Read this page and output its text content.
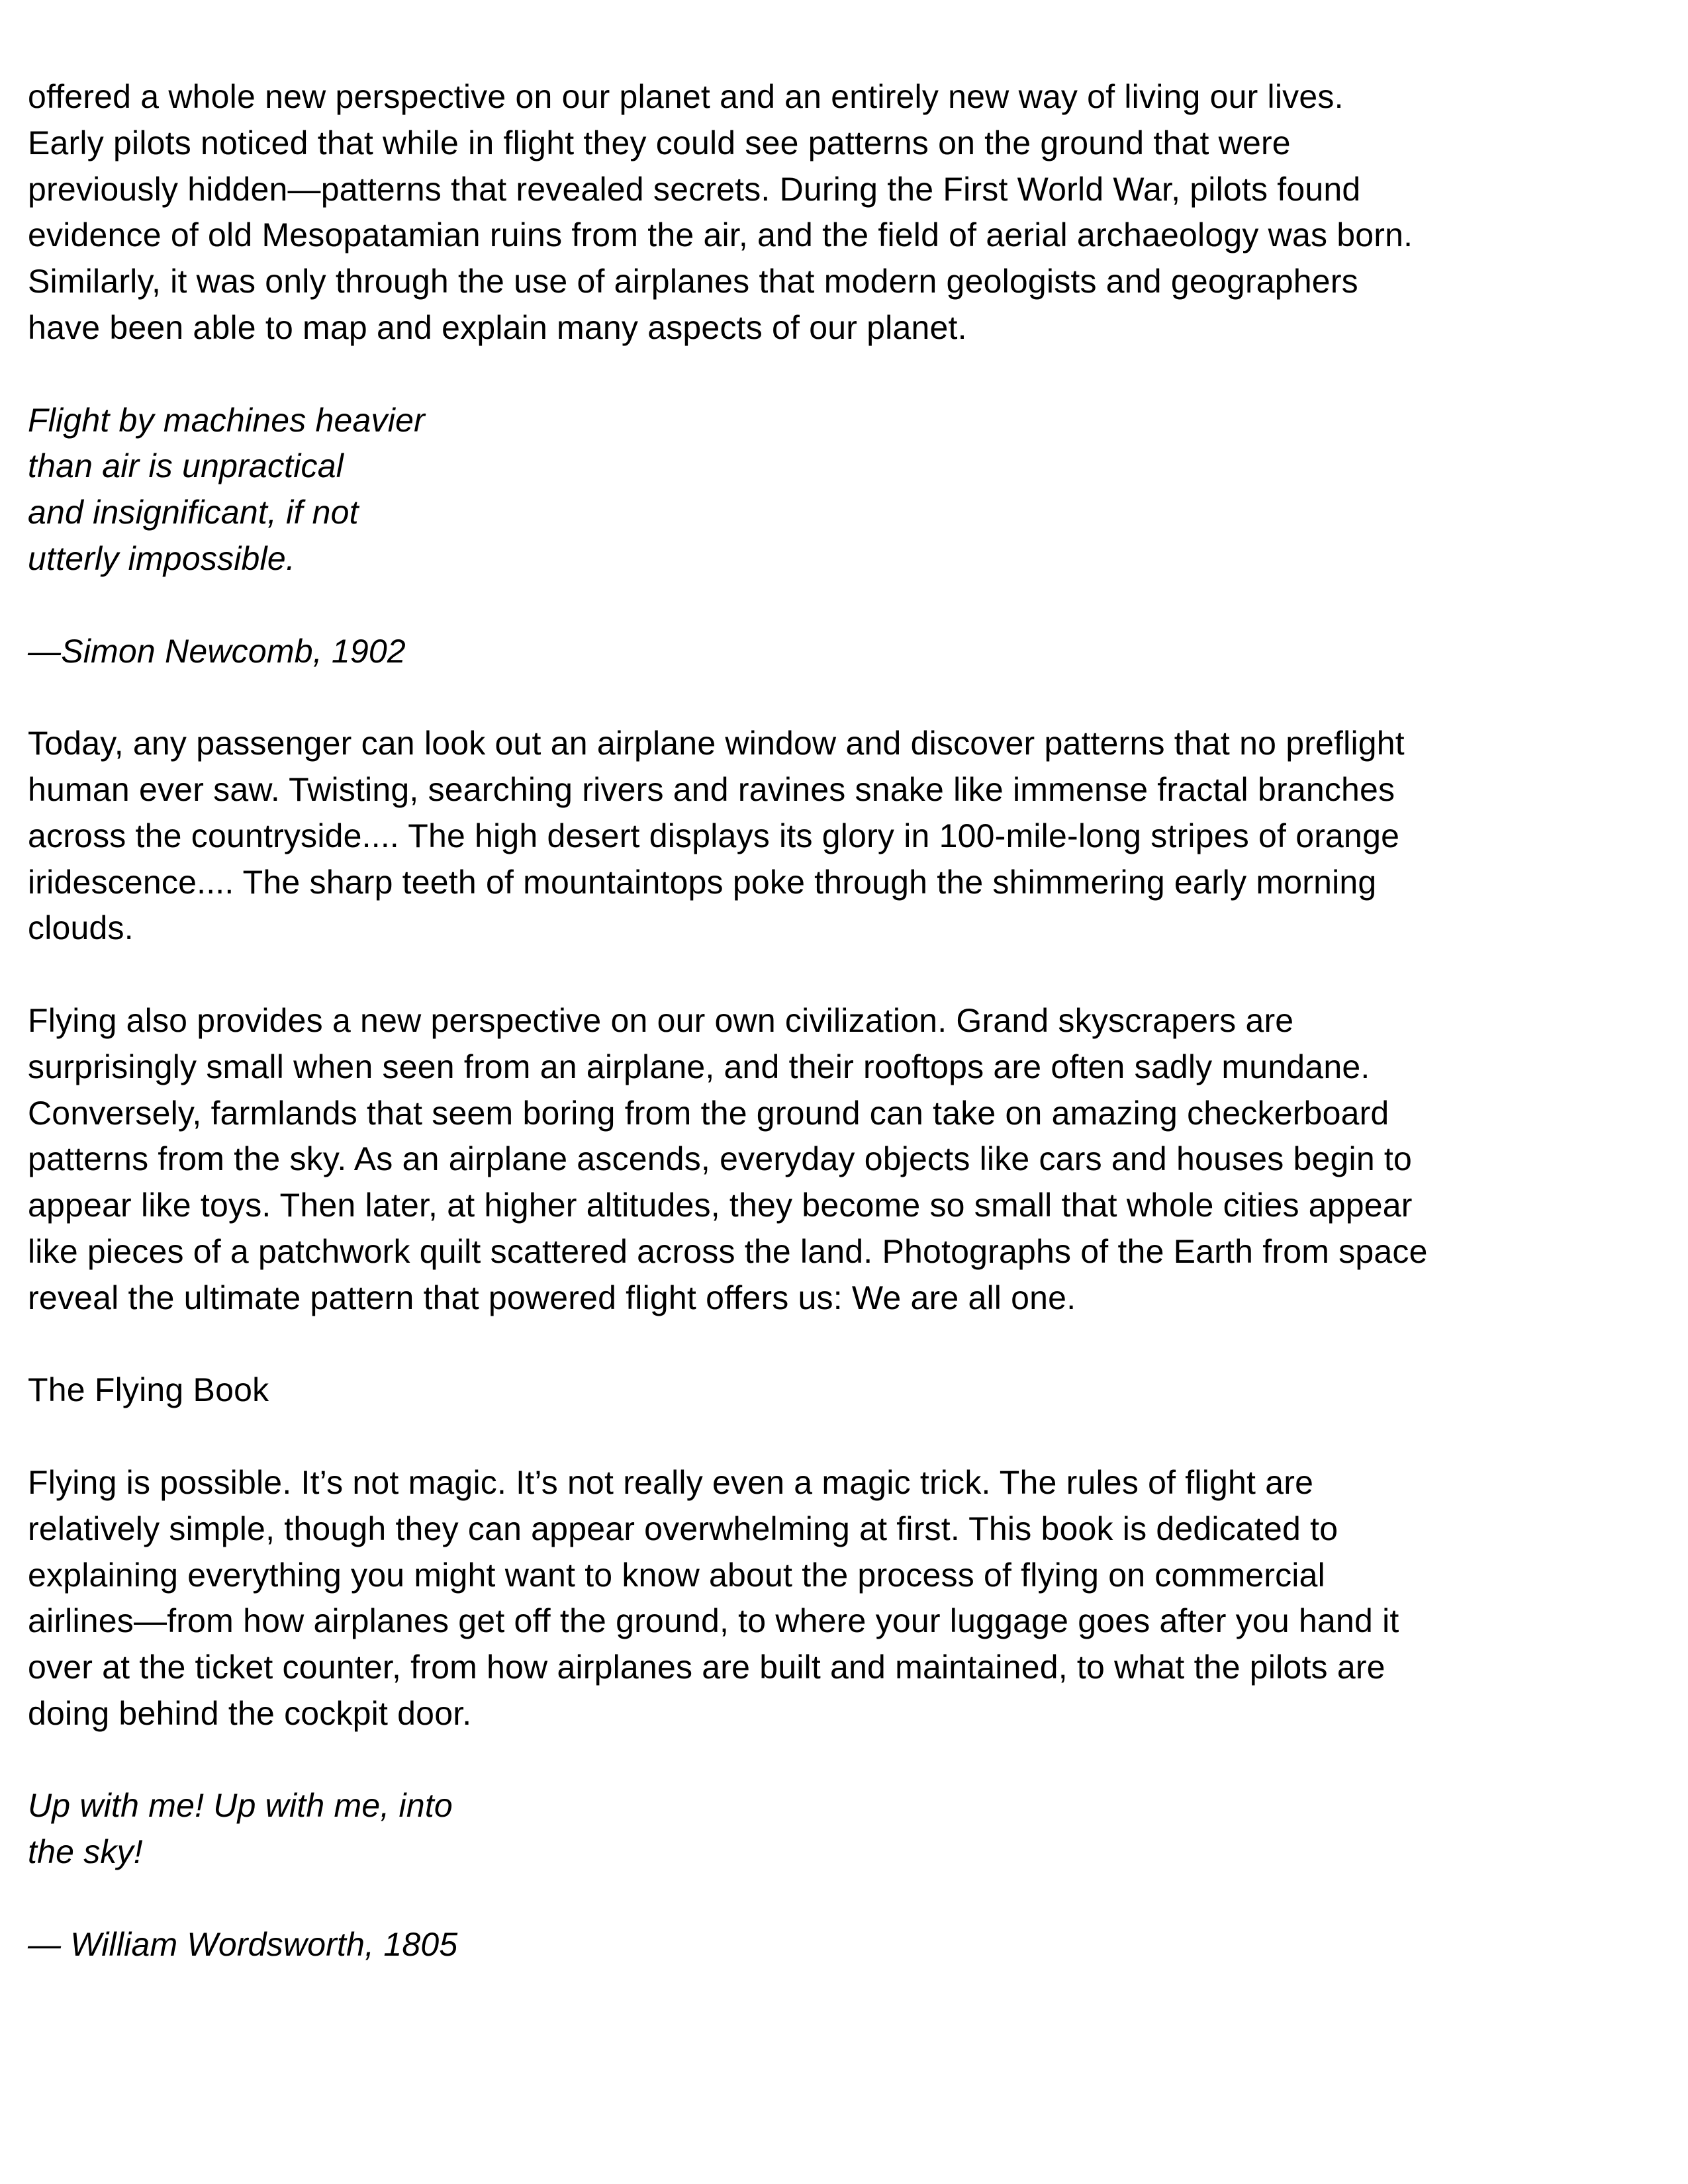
offered a whole new perspective on our planet and an entirely new way of living our lives.
Early pilots noticed that while in flight they could see patterns on the ground that were
previously hidden—patterns that revealed secrets. During the First World War, pilots found
evidence of old Mesopatamian ruins from the air, and the field of aerial archaeology was born.
Similarly, it was only through the use of airplanes that modern geologists and geographers
have been able to map and explain many aspects of our planet.
Flight by machines heavier
than air is unpractical
and insignificant, if not
utterly impossible.
—Simon Newcomb, 1902
Today, any passenger can look out an airplane window and discover patterns that no preflight
human ever saw. Twisting, searching rivers and ravines snake like immense fractal branches
across the countryside.... The high desert displays its glory in 100-mile-long stripes of orange
iridescence.... The sharp teeth of mountaintops poke through the shimmering early morning
clouds.
Flying also provides a new perspective on our own civilization. Grand skyscrapers are
surprisingly small when seen from an airplane, and their rooftops are often sadly mundane.
Conversely, farmlands that seem boring from the ground can take on amazing checkerboard
patterns from the sky. As an airplane ascends, everyday objects like cars and houses begin to
appear like toys. Then later, at higher altitudes, they become so small that whole cities appear
like pieces of a patchwork quilt scattered across the land. Photographs of the Earth from space
reveal the ultimate pattern that powered flight offers us: We are all one.
The Flying Book
Flying is possible. It’s not magic. It’s not really even a magic trick. The rules of flight are
relatively simple, though they can appear overwhelming at first. This book is dedicated to
explaining everything you might want to know about the process of flying on commercial
airlines—from how airplanes get off the ground, to where your luggage goes after you hand it
over at the ticket counter, from how airplanes are built and maintained, to what the pilots are
doing behind the cockpit door.
Up with me! Up with me, into
the sky!
— William Wordsworth, 1805
